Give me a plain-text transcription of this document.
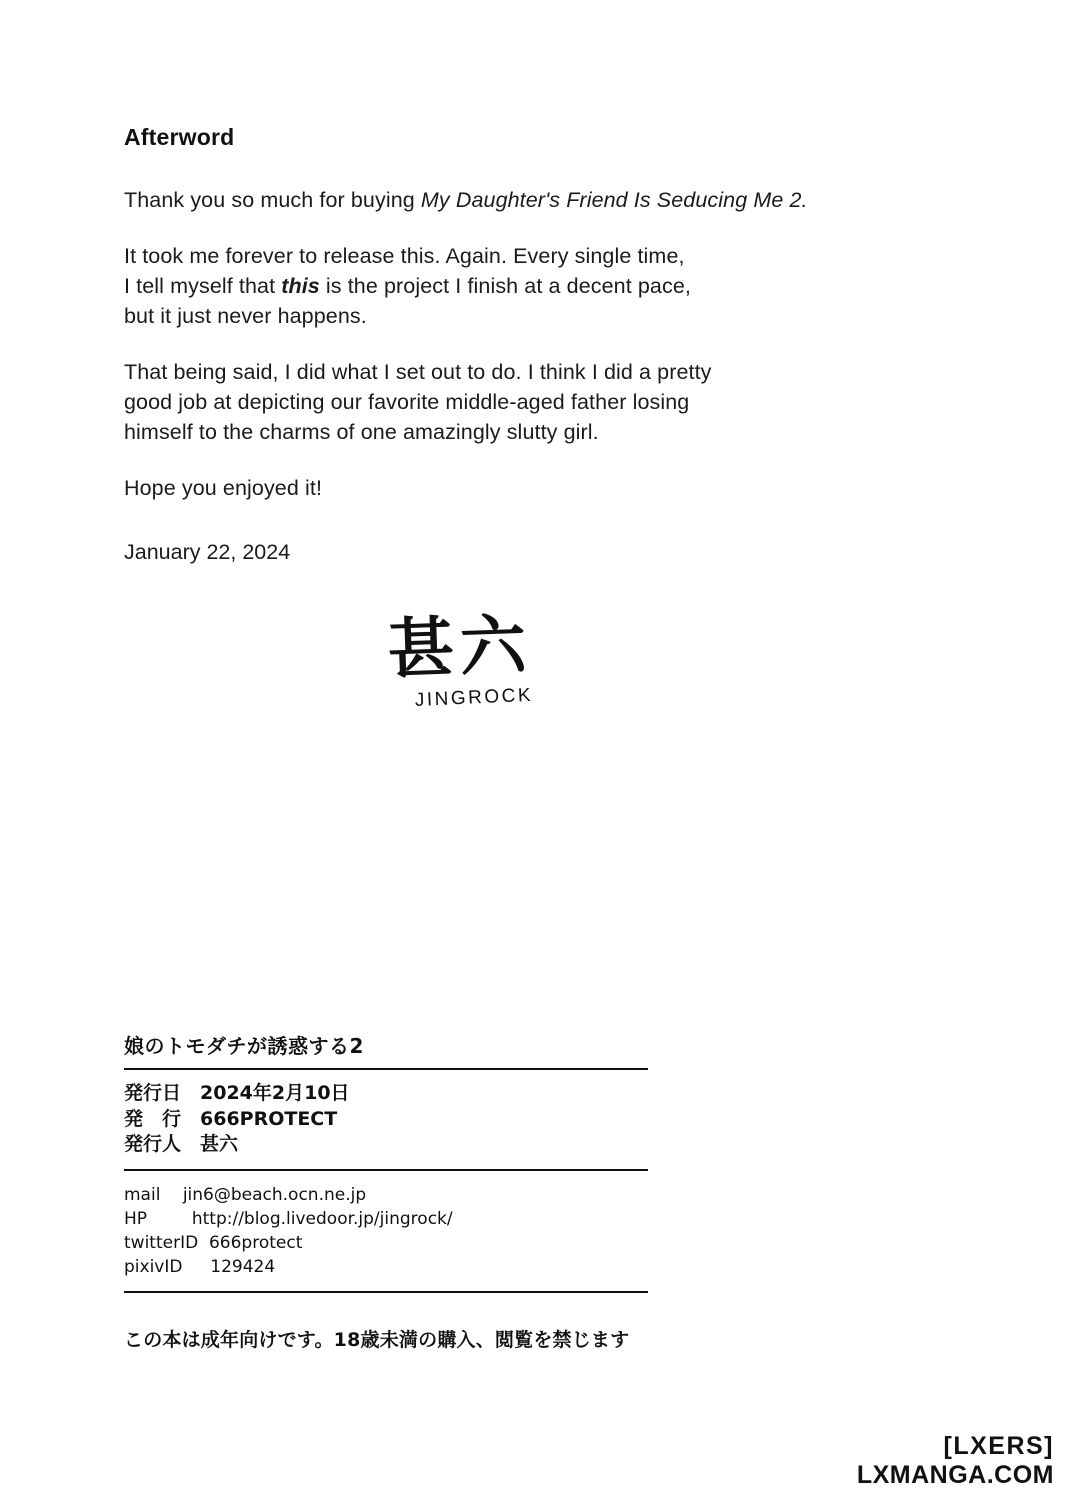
Afterword

Thank you so much for buying My Daughter's Friend Is Seducing Me 2.

It took me forever to release this. Again. Every single time,
I tell myself that this is the project I finish at a decent pace,
but it just never happens.

That being said, I did what I set out to do. I think I did a pretty
good job at depicting our favorite middle-aged father losing
himself to the charms of one amazingly slutty girl.

Hope you enjoyed it!

January 22, 2024

甚六
JINGROCK
娘のトモダチが誘惑する2
発行日　2024年2月10日
発　行　666PROTECT
発行人　甚六
mail　 jin6@beach.ocn.ne.jp
HP 　　 http://blog.livedoor.jp/jingrock/
twitterID  666protect
pixivID 　 129424
この本は成年向けです。18歳未満の購入、閲覧を禁じます
[LXERS]
LXMANGA.COM
